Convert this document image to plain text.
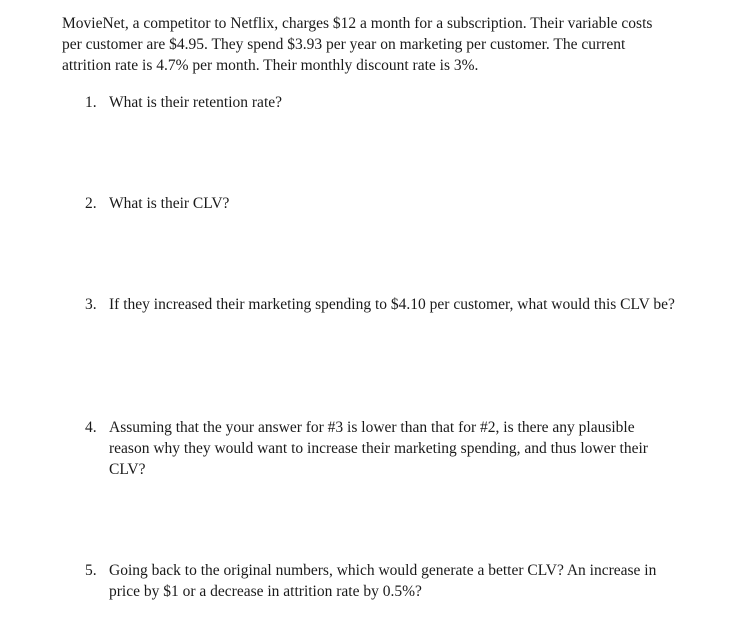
MovieNet, a competitor to Netflix, charges $12 a month for a subscription. Their variable costs per customer are $4.95. They spend $3.93 per year on marketing per customer. The current attrition rate is 4.7% per month. Their monthly discount rate is 3%.

1. What is their retention rate?
2. What is their CLV?
3. If they increased their marketing spending to $4.10 per customer, what would this CLV be?
4. Assuming that the your answer for #3 is lower than that for #2, is there any plausible reason why they would want to increase their marketing spending, and thus lower their CLV?
5. Going back to the original numbers, which would generate a better CLV? An increase in price by $1 or a decrease in attrition rate by 0.5%?
